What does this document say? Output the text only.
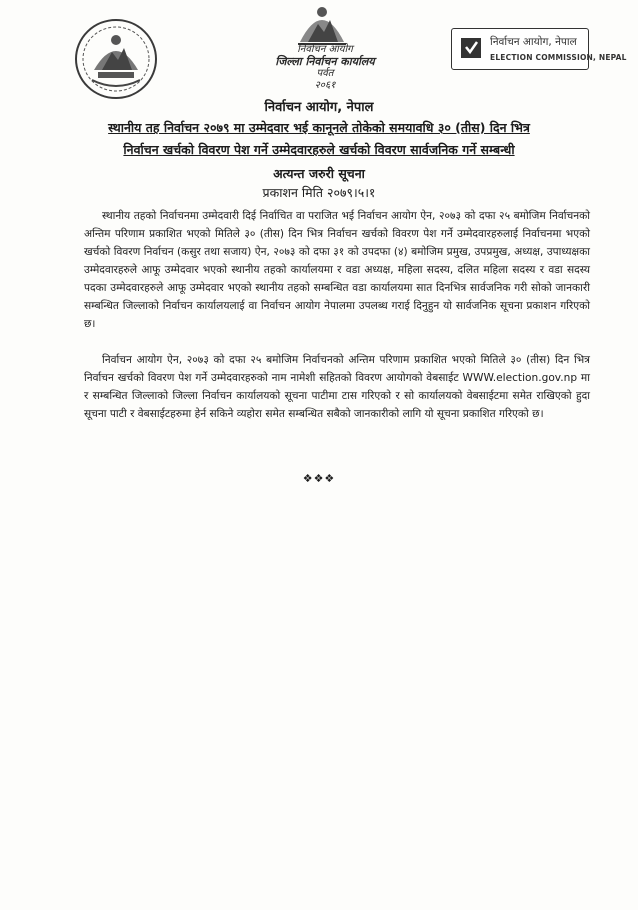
निर्वाचन आयोग
जिल्ला निर्वाचन कार्यालय
पर्वत
२०६१
निर्वाचन आयोग, नेपाल
ELECTION COMMISSION, NEPAL
निर्वाचन आयोग, नेपाल
स्थानीय तह निर्वाचन २०७९ मा उम्मेदवार भई कानूनले तोकेको समयावधि ३० (तीस) दिन भित्र
निर्वाचन खर्चको विवरण पेश गर्ने उम्मेदवारहरुले खर्चको विवरण सार्वजनिक गर्ने सम्बन्धी
अत्यन्त जरुरी सूचना
प्रकाशन मिति २०७९।५।१

स्थानीय तहको निर्वाचनमा उम्मेदवारी दिई निर्वाचित वा पराजित भई निर्वाचन आयोग ऐन, २०७३ को दफा २५ बमोजिम निर्वाचनको अन्तिम परिणाम प्रकाशित भएको मितिले ३० (तीस) दिन भित्र निर्वाचन खर्चको विवरण पेश गर्ने उम्मेदवारहरुलाई निर्वाचनमा भएको खर्चको विवरण निर्वाचन (कसुर तथा सजाय) ऐन, २०७३ को दफा ३१ को उपदफा (४) बमोजिम प्रमुख, उपप्रमुख, अध्यक्ष, उपाध्यक्षका उम्मेदवारहरुले आफू उम्मेदवार भएको स्थानीय तहको कार्यालयमा र वडा अध्यक्ष, महिला सदस्य, दलित महिला सदस्य र वडा सदस्य पदका उम्मेदवारहरुले आफू उम्मेदवार भएको स्थानीय तहको सम्बन्धित वडा कार्यालयमा सात दिनभित्र सार्वजनिक गरी सोको जानकारी सम्बन्धित जिल्लाको निर्वाचन कार्यालयलाई वा निर्वाचन आयोग नेपालमा उपलब्ध गराई दिनुहुन यो सार्वजनिक सूचना प्रकाशन गरिएको छ।

निर्वाचन आयोग ऐन, २०७३ को दफा २५ बमोजिम निर्वाचनको अन्तिम परिणाम प्रकाशित भएको मितिले ३० (तीस) दिन भित्र निर्वाचन खर्चको विवरण पेश गर्ने उम्मेदवारहरुको नाम नामेशी सहितको विवरण आयोगको वेबसाईट WWW.election.gov.np मा र सम्बन्धित जिल्लाको जिल्ला निर्वाचन कार्यालयको सूचना पाटीमा टास गरिएको र सो कार्यालयको वेबसाईटमा समेत राखिएको हुदा सूचना पाटी र वेबसाईटहरुमा हेर्न सकिने व्यहोरा समेत सम्बन्धित सबैको जानकारीको लागि यो सूचना प्रकाशित गरिएको छ।

❖❖❖
